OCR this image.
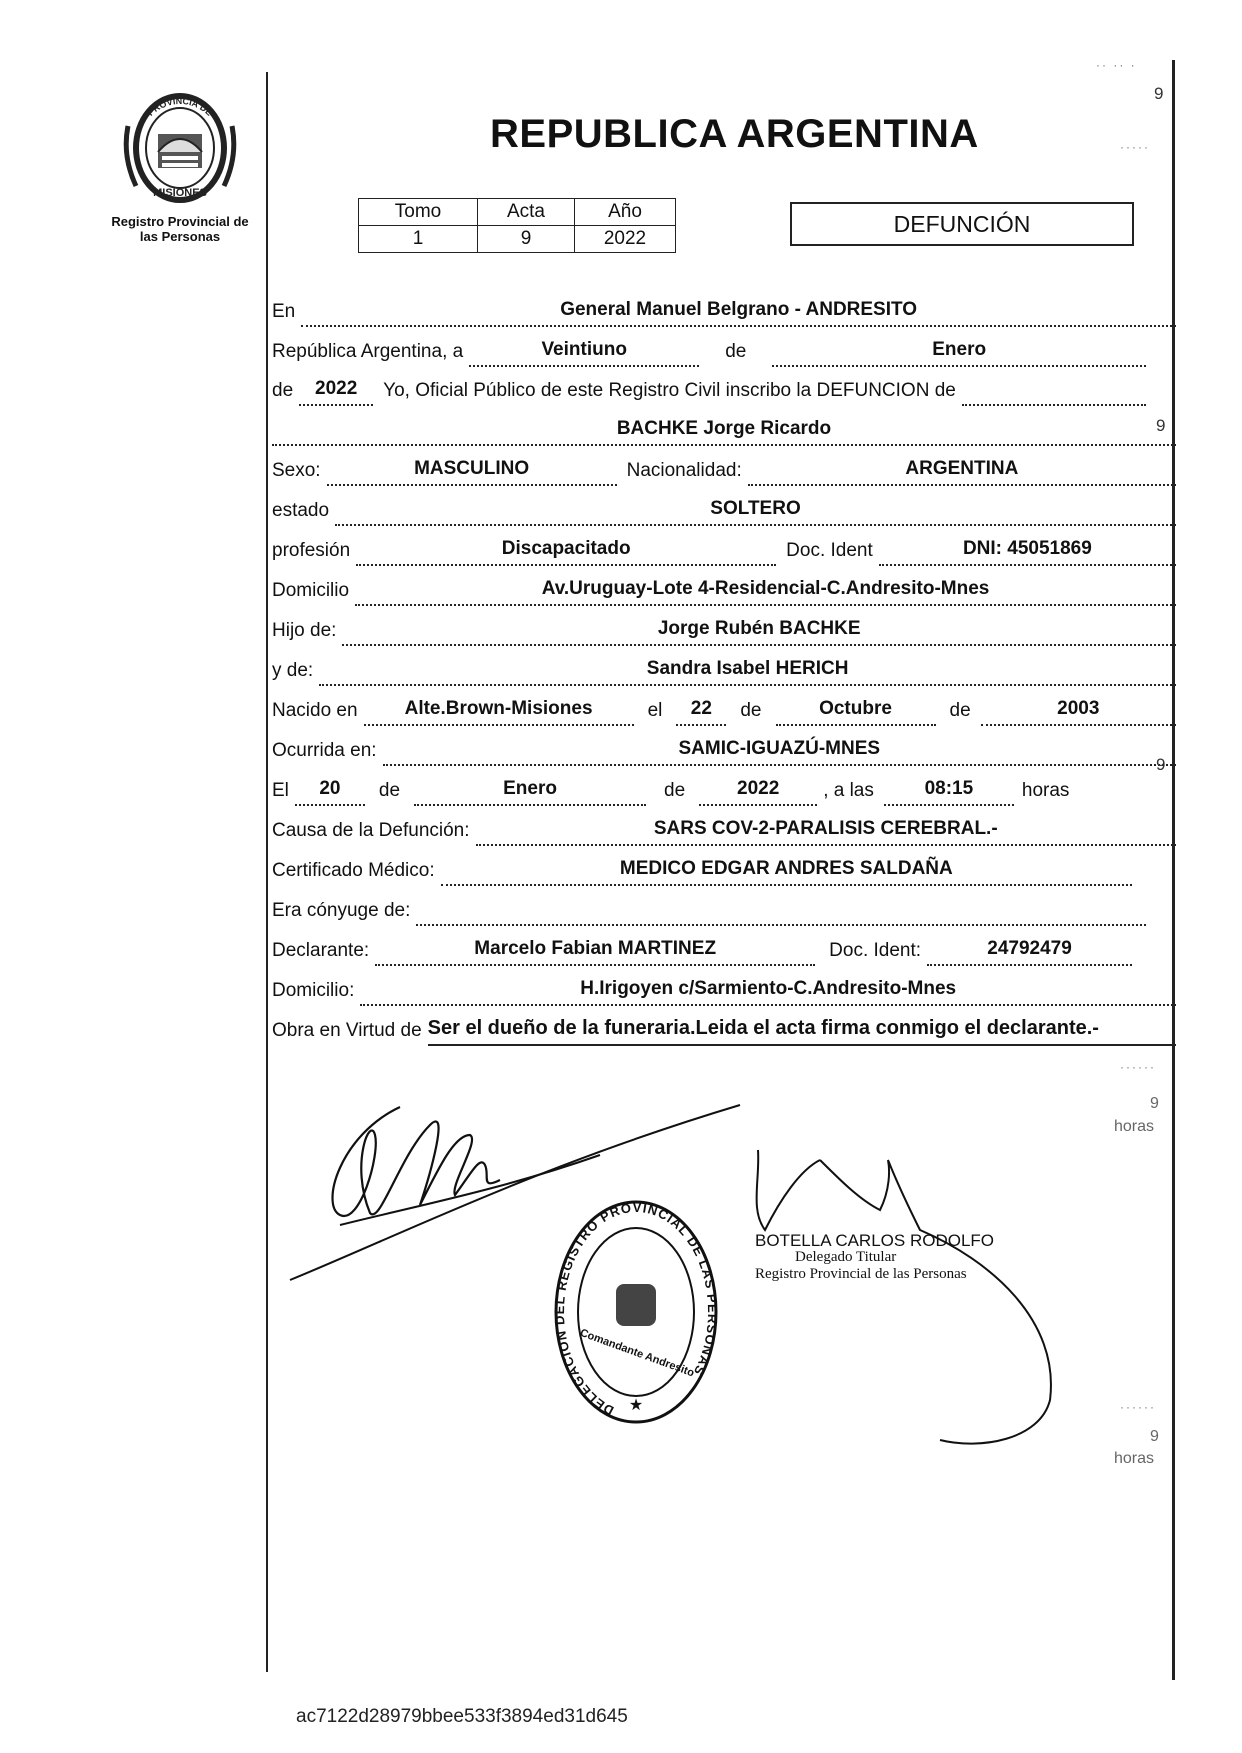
PROVINCIA DE
MISIONES
Registro Provincial de
las Personas
REPUBLICA ARGENTINA
Tomo	Acta	Año
1	9	2022
DEFUNCIÓN
En	General Manuel Belgrano - ANDRESITO
República Argentina, a	Veintiuno	de	Enero
de	2022	Yo, Oficial Público de este Registro Civil inscribo la DEFUNCION de
BACHKE Jorge Ricardo
Sexo:	MASCULINO	Nacionalidad:	ARGENTINA
estado	SOLTERO
profesión	Discapacitado	Doc. Ident	DNI: 45051869
Domicilio	Av.Uruguay-Lote 4-Residencial-C.Andresito-Mnes
Hijo de:	Jorge Rubén BACHKE
y de:	Sandra Isabel HERICH
Nacido en	Alte.Brown-Misiones	el	22	de	Octubre	de	2003
Ocurrida en:	SAMIC-IGUAZÚ-MNES
El	20	de	Enero	de	2022	, a las	08:15	horas
Causa de la Defunción:	SARS COV-2-PARALISIS CEREBRAL.-
Certificado Médico:	MEDICO EDGAR ANDRES SALDAÑA
Era cónyuge de:
Declarante:	Marcelo Fabian MARTINEZ	Doc. Ident:	24792479
Domicilio:	H.Irigoyen c/Sarmiento-C.Andresito-Mnes
Obra en Virtud de Ser el dueño de la funeraria.Leida el acta firma conmigo el declarante.-
DELEGACION DEL REGISTRO PROVINCIAL DE LAS PERSONAS
Comandante Andresito
★
BOTELLA CARLOS RODOLFO
Delegado Titular
Registro Provincial de las Personas
9
9
9
9
horas
9
horas
·· ·· ·
·····
······
······
ac7122d28979bbee533f3894ed31d645
